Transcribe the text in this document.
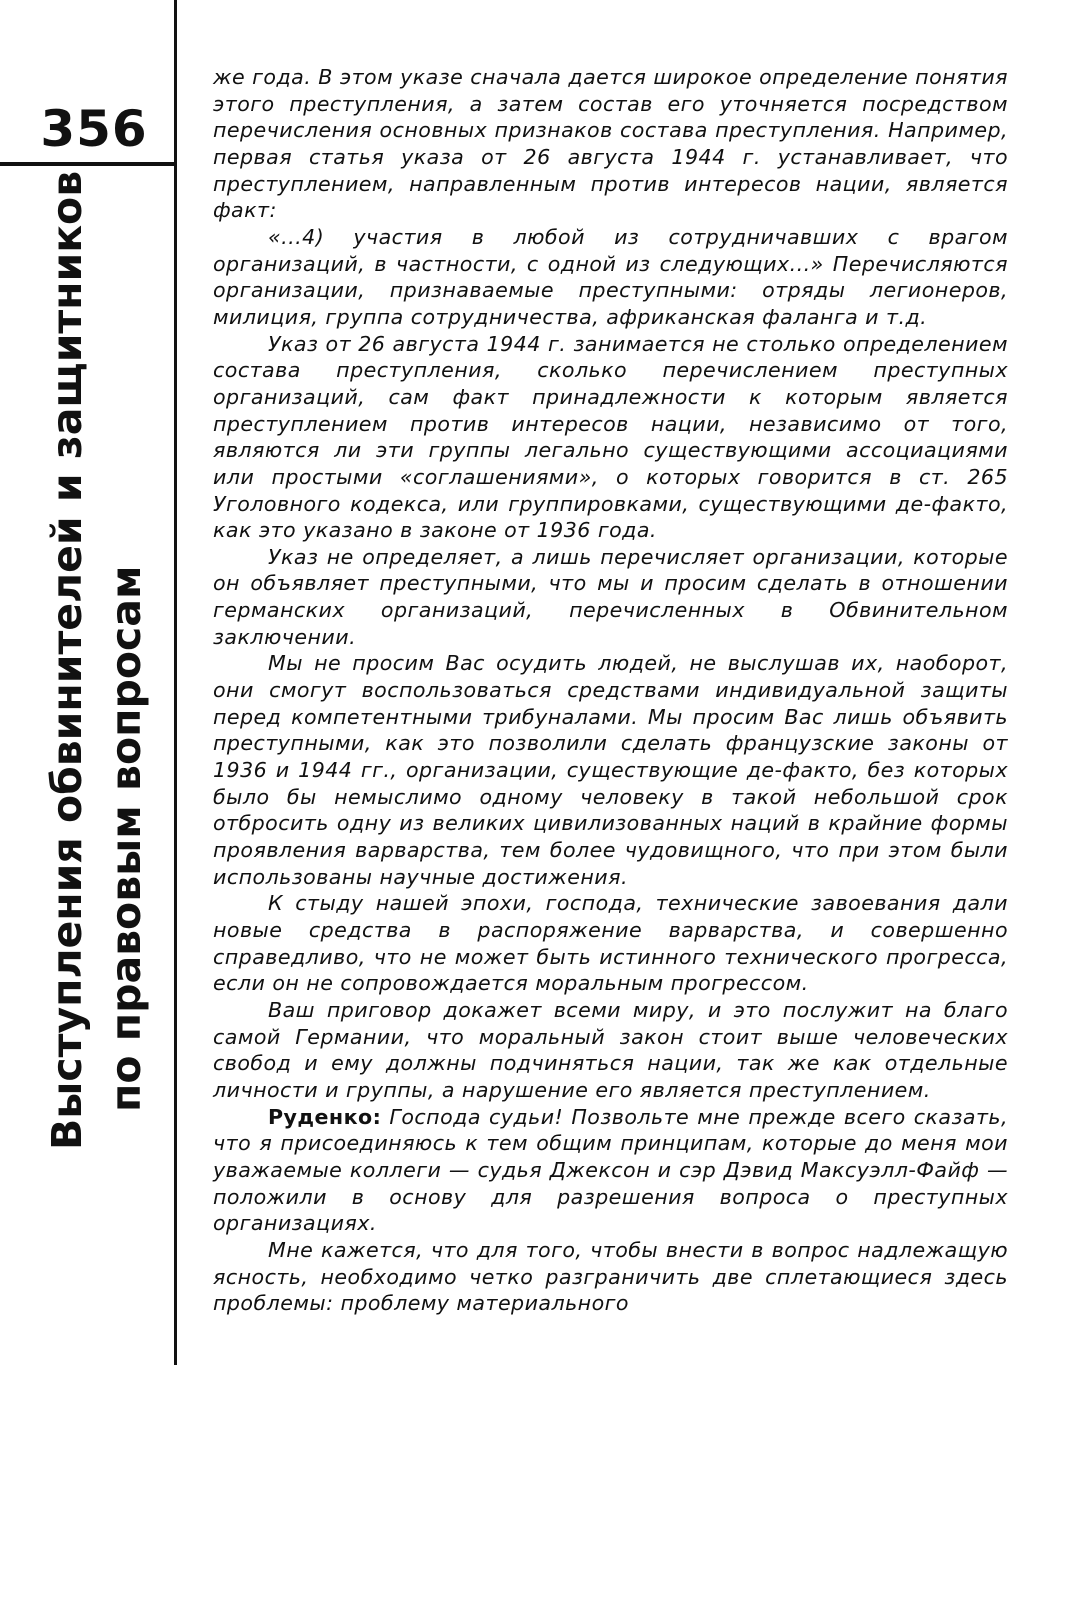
356
Выступления обвинителей и защитников по правовым вопросам

же года. В этом указе сначала дается широкое определение понятия этого преступления, а затем состав его уточняется посредством перечисления основных признаков состава преступления. Например, первая статья указа от 26 августа 1944 г. устанавливает, что преступлением, направленным против интересов нации, является факт:

«...4) участия в любой из сотрудничавших с врагом организаций, в частности, с одной из следующих...» Перечисляются организации, признаваемые преступными: отряды легионеров, милиция, группа сотрудничества, африканская фаланга и т.д.

Указ от 26 августа 1944 г. занимается не столько определением состава преступления, сколько перечислением преступных организаций, сам факт принадлежности к которым является преступлением против интересов нации, независимо от того, являются ли эти группы легально существующими ассоциациями или простыми «соглашениями», о которых говорится в ст. 265 Уголовного кодекса, или группировками, существующими де-факто, как это указано в законе от 1936 года.

Указ не определяет, а лишь перечисляет организации, которые он объявляет преступными, что мы и просим сделать в отношении германских организаций, перечисленных в Обвинительном заключении.

Мы не просим Вас осудить людей, не выслушав их, наоборот, они смогут воспользоваться средствами индивидуальной защиты перед компетентными трибуналами. Мы просим Вас лишь объявить преступными, как это позволили сделать французские законы от 1936 и 1944 гг., организации, существующие де-факто, без которых было бы немыслимо одному человеку в такой небольшой срок отбросить одну из великих цивилизованных наций в крайние формы проявления варварства, тем более чудовищного, что при этом были использованы научные достижения.

К стыду нашей эпохи, господа, технические завоевания дали новые средства в распоряжение варварства, и совершенно справедливо, что не может быть истинного технического прогресса, если он не сопровождается моральным прогрессом.

Ваш приговор докажет всеми миру, и это послужит на благо самой Германии, что моральный закон стоит выше человеческих свобод и ему должны подчиняться нации, так же как отдельные личности и группы, а нарушение его является преступлением.

Руденко: Господа судьи! Позвольте мне прежде всего сказать, что я присоединяюсь к тем общим принципам, которые до меня мои уважаемые коллеги — судья Джексон и сэр Дэвид Максуэлл-Файф — положили в основу для разрешения вопроса о преступных организациях.

Мне кажется, что для того, чтобы внести в вопрос надлежащую ясность, необходимо четко разграничить две сплетающиеся здесь проблемы: проблему материального
